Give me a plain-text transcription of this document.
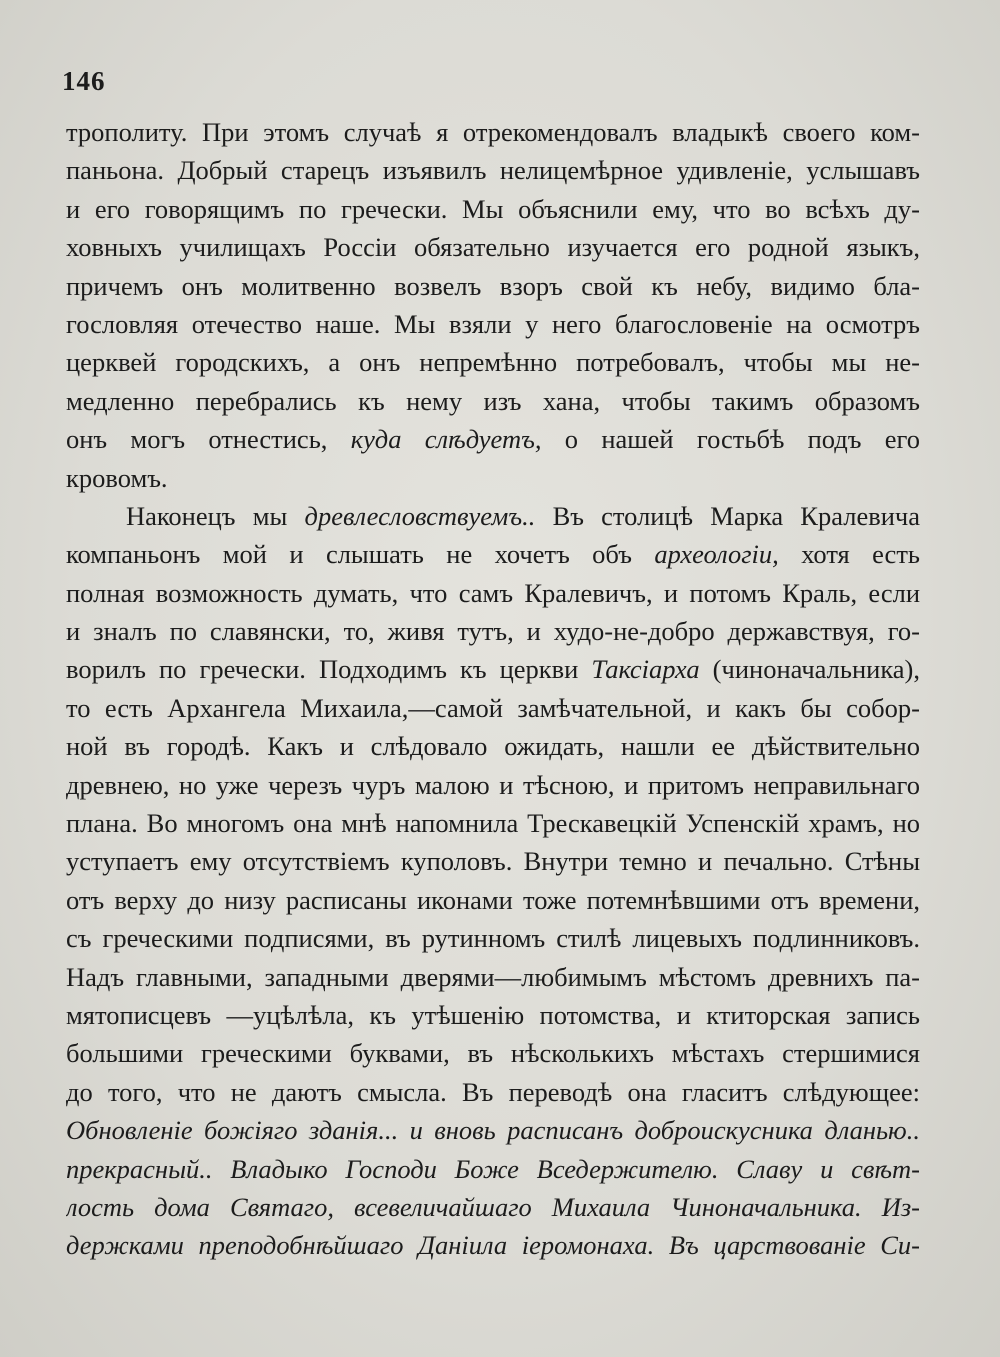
146
трополиту. При этомъ случаѣ я отрекомендовалъ владыкѣ своего ком-
паньона. Добрый старецъ изъявилъ нелицемѣрное удивленіе, услышавъ
и его говорящимъ по гречески. Мы объяснили ему, что во всѣхъ ду-
ховныхъ училищахъ Россіи обязательно изучается его родной языкъ,
причемъ онъ молитвенно возвелъ взоръ свой къ небу, видимо бла-
гословляя отечество наше. Мы взяли у него благословеніе на осмотръ
церквей городскихъ, а онъ непремѣнно потребовалъ, чтобы мы не-
медленно перебрались къ нему изъ хана, чтобы такимъ образомъ
онъ могъ отнестись, куда слѣдуетъ, о нашей гостьбѣ подъ его
кровомъ.
Наконецъ мы древлесловствуемъ.. Въ столицѣ Марка Кралевича
компаньонъ мой и слышать не хочетъ объ археологіи, хотя есть
полная возможность думать, что самъ Кралевичъ, и потомъ Краль, если
и зналъ по славянски, то, живя тутъ, и худо-не-добро державствуя, го-
ворилъ по гречески. Подходимъ къ церкви Таксіарха (чиноначальника),
то есть Архангела Михаила,—самой замѣчательной, и какъ бы собор-
ной въ городѣ. Какъ и слѣдовало ожидать, нашли ее дѣйствительно
древнею, но уже черезъ чуръ малою и тѣсною, и притомъ неправильнаго
плана. Во многомъ она мнѣ напомнила Трескавецкій Успенскій храмъ, но
уступаетъ ему отсутствіемъ куполовъ. Внутри темно и печально. Стѣны
отъ верху до низу расписаны иконами тоже потемнѣвшими отъ времени,
съ греческими подписями, въ рутинномъ стилѣ лицевыхъ подлинниковъ.
Надъ главными, западными дверями—любимымъ мѣстомъ древнихъ па-
мятописцевъ —уцѣлѣла, къ утѣшенію потомства, и ктиторская запись
большими греческими буквами, въ нѣсколькихъ мѣстахъ стершимися
до того, что не даютъ смысла. Въ переводѣ она гласитъ слѣдующее:
Обновленіе божіяго зданія... и вновь расписанъ доброискусника дланью..
прекрасный.. Владыко Господи Боже Вседержителю. Славу и свѣт-
лость дома Святаго, всевеличайшаго Михаила Чиноначальника. Из-
держками преподобнѣйшаго Даніила іеромонаха. Въ царствованіе Си-
